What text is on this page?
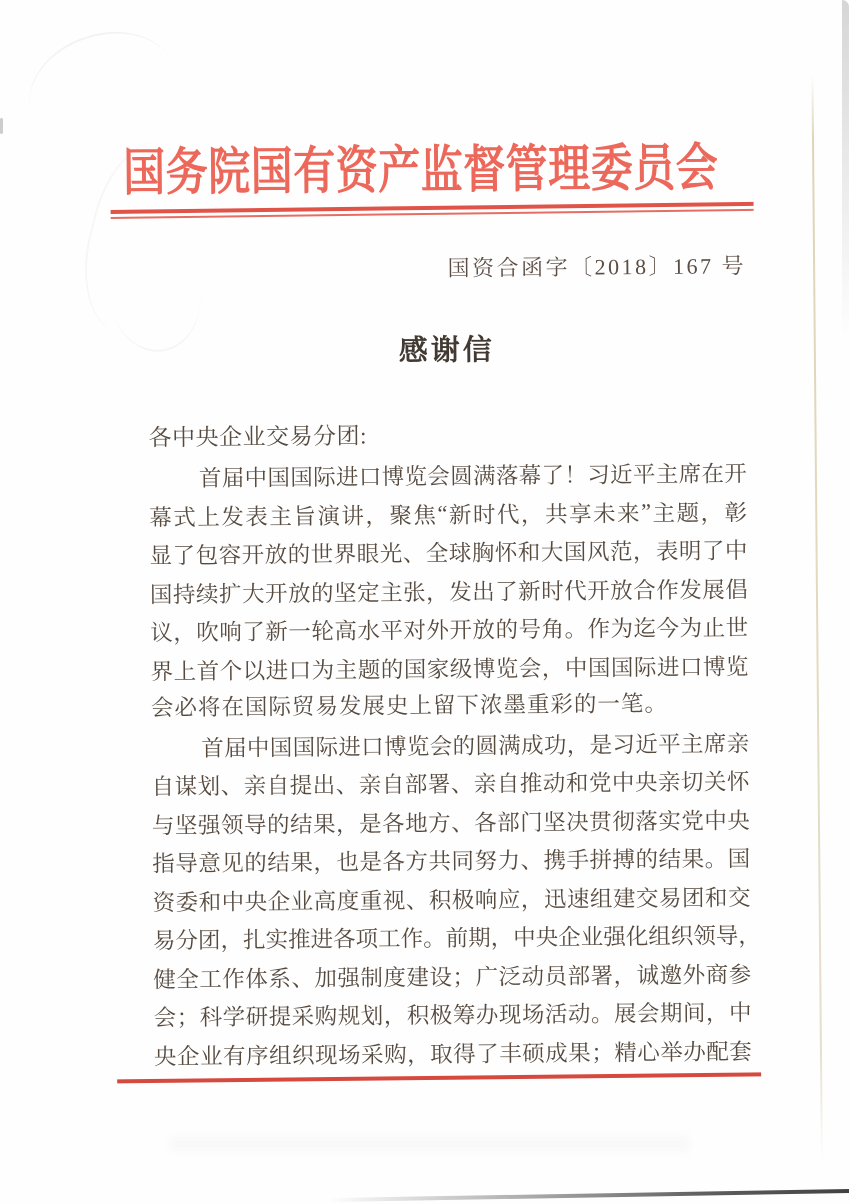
国务院国有资产监督管理委员会
国资合函字〔2018〕167 号
感谢信
各中央企业交易分团:
首 届 中 国 国 际 进 口 博 览 会 圆 满 落 幕 了 ！ 习 近 平 主 席 在 开
幕 式 上 发 表 主 旨 演 讲 ， 聚 焦 “ 新 时 代 ， 共 享 未 来 ” 主 题 ， 彰
显 了 包 容 开 放 的 世 界 眼 光 、 全 球 胸 怀 和 大 国 风 范 ， 表 明 了 中
国 持 续 扩 大 开 放 的 坚 定 主 张 ， 发 出 了 新 时 代 开 放 合 作 发 展 倡
议 ， 吹 响 了 新 一 轮 高 水 平 对 外 开 放 的 号 角 。 作 为 迄 今 为 止 世
界 上 首 个 以 进 口 为 主 题 的 国 家 级 博 览 会 ， 中 国 国 际 进 口 博 览
会必将在国际贸易发展史上留下浓墨重彩的一笔。
首 届 中 国 国 际 进 口 博 览 会 的 圆 满 成 功 ， 是 习 近 平 主 席 亲
自 谋 划 、 亲 自 提 出 、 亲 自 部 署 、 亲 自 推 动 和 党 中 央 亲 切 关 怀
与 坚 强 领 导 的 结 果 ， 是 各 地 方 、 各 部 门 坚 决 贯 彻 落 实 党 中 央
指 导 意 见 的 结 果 ， 也 是 各 方 共 同 努 力 、 携 手 拼 搏 的 结 果 。 国
资 委 和 中 央 企 业 高 度 重 视 、 积 极 响 应 ， 迅 速 组 建 交 易 团 和 交
易 分 团 ， 扎 实 推 进 各 项 工 作 。 前 期 ， 中 央 企 业 强 化 组 织 领 导 ，
健 全 工 作 体 系 、 加 强 制 度 建 设 ； 广 泛 动 员 部 署 ， 诚 邀 外 商 参
会 ； 科 学 研 提 采 购 规 划 ， 积 极 筹 办 现 场 活 动 。 展 会 期 间 ， 中
央 企 业 有 序 组 织 现 场 采 购 ， 取 得 了 丰 硕 成 果 ； 精 心 举 办 配 套
